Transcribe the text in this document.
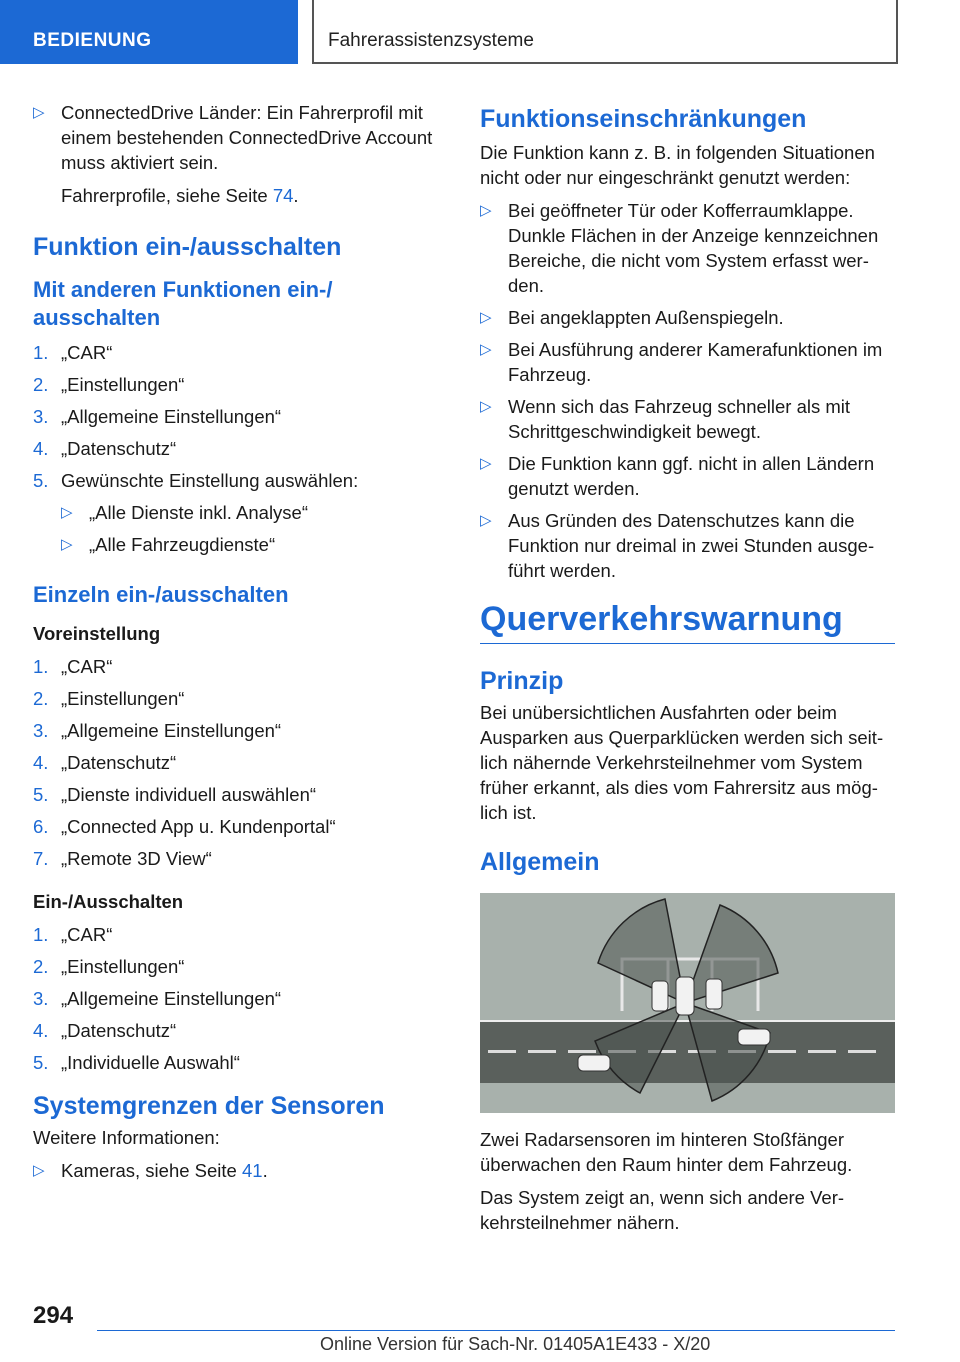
BEDIENUNG	Fahrerassistenzsysteme
▷ ConnectedDrive Länder: Ein Fahrerprofil mit einem bestehenden ConnectedDrive Account muss aktiviert sein.

Fahrerprofile, siehe Seite 74.

Funktion ein-/ausschalten
Mit anderen Funktionen ein-/ ausschalten
1. „CAR“
2. „Einstellungen“
3. „Allgemeine Einstellungen“
4. „Datenschutz“
5. Gewünschte Einstellung auswählen:
▷ „Alle Dienste inkl. Analyse“
▷ „Alle Fahrzeugdienste“
Einzeln ein-/ausschalten
Voreinstellung
1. „CAR“
2. „Einstellungen“
3. „Allgemeine Einstellungen“
4. „Datenschutz“
5. „Dienste individuell auswählen“
6. „Connected App u. Kundenportal“
7. „Remote 3D View“
Ein-/Ausschalten
1. „CAR“
2. „Einstellungen“
3. „Allgemeine Einstellungen“
4. „Datenschutz“
5. „Individuelle Auswahl“
Systemgrenzen der Sensoren

Weitere Informationen:

▷ Kameras, siehe Seite 41.
Funktionseinschränkungen

Die Funktion kann z. B. in folgenden Situationen nicht oder nur eingeschränkt genutzt werden:

▷ Bei geöffneter Tür oder Kofferraumklappe. Dunkle Flächen in der Anzeige kennzeichnen Bereiche, die nicht vom System erfasst werden.
▷ Bei angeklappten Außenspiegeln.
▷ Bei Ausführung anderer Kamerafunktionen im Fahrzeug.
▷ Wenn sich das Fahrzeug schneller als mit Schrittgeschwindigkeit bewegt.
▷ Die Funktion kann ggf. nicht in allen Ländern genutzt werden.
▷ Aus Gründen des Datenschutzes kann die Funktion nur dreimal in zwei Stunden ausgeführt werden.
Querverkehrswarnung
Prinzip

Bei unübersichtlichen Ausfahrten oder beim Ausparken aus Querparklücken werden sich seitlich nähernde Verkehrsteilnehmer vom System früher erkannt, als dies vom Fahrersitz aus möglich ist.

Allgemein

Zwei Radarsensoren im hinteren Stoßfänger überwachen den Raum hinter dem Fahrzeug.

Das System zeigt an, wenn sich andere Verkehrsteilnehmer nähern.

294
Online Version für Sach-Nr. 01405A1E433 - X/20
